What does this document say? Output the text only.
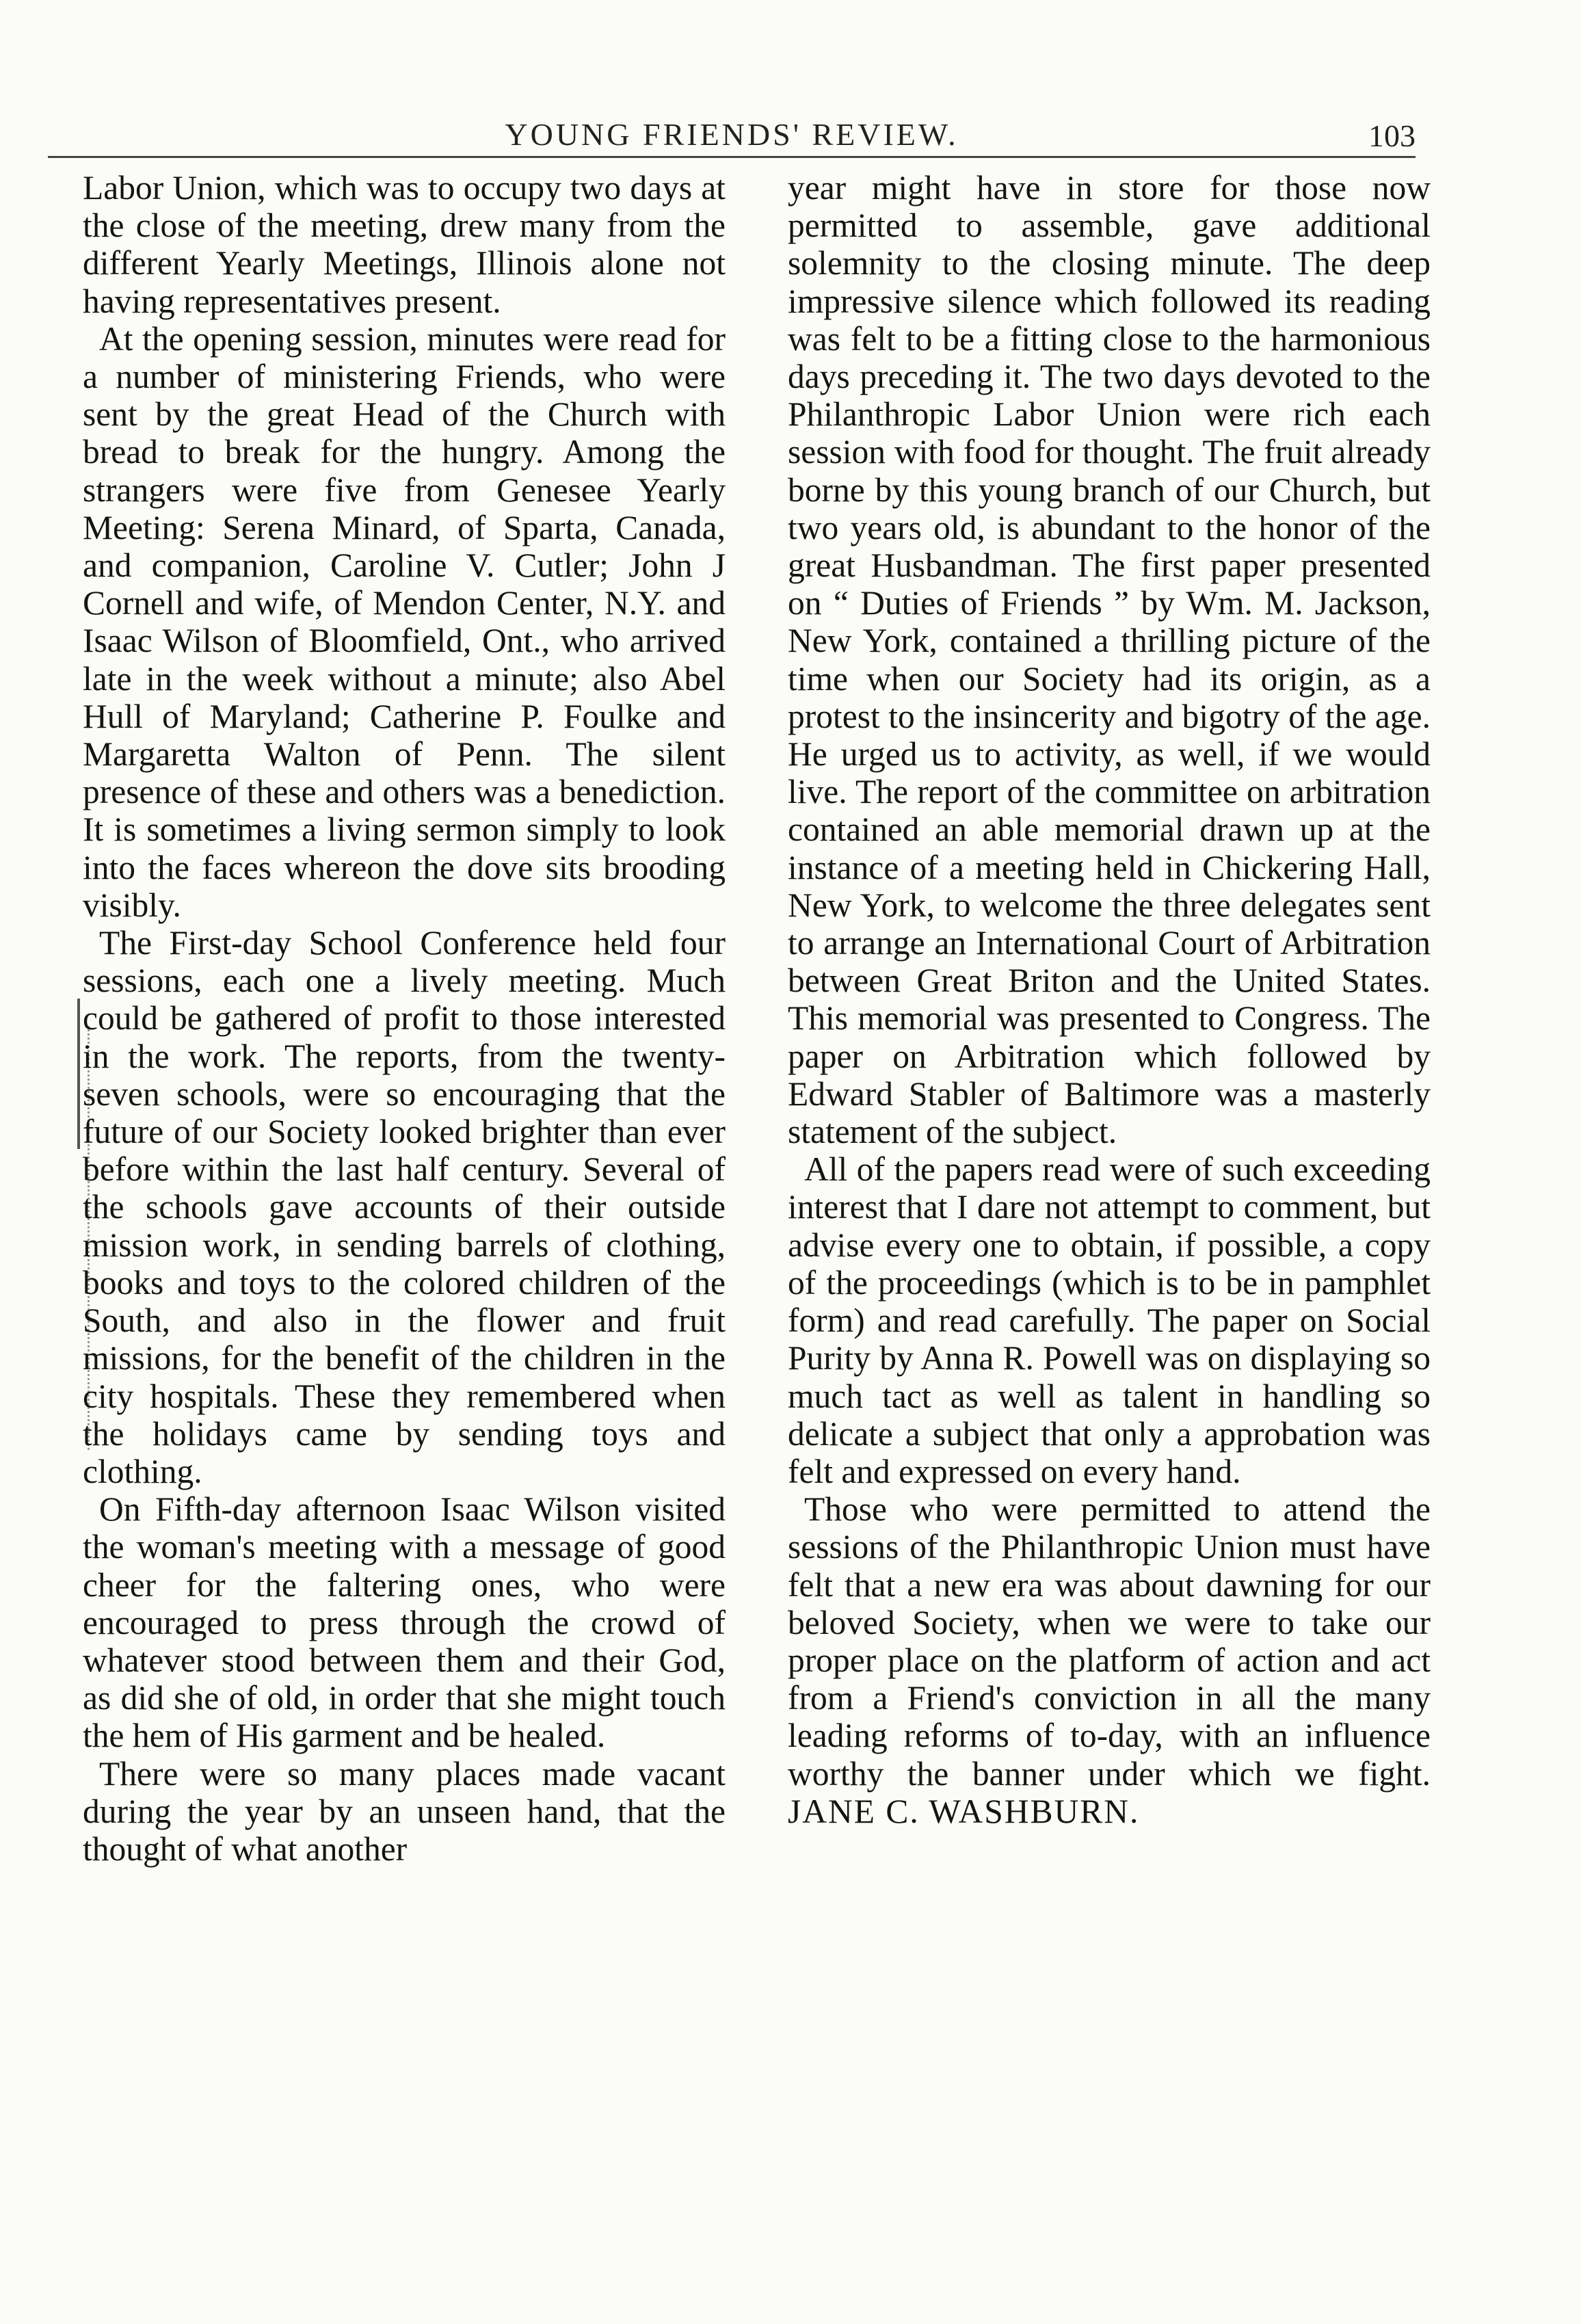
YOUNG FRIENDS' REVIEW.	103

Labor Union, which was to occupy two days at the close of the meeting, drew many from the different Yearly Meetings, Illinois alone not having representatives present.

At the opening session, minutes were read for a number of ministering Friends, who were sent by the great Head of the Church with bread to break for the hungry. Among the strangers were five from Genesee Yearly Meeting: Serena Minard, of Sparta, Canada, and companion, Caroline V. Cutler; John J Cornell and wife, of Mendon Center, N.Y. and Isaac Wilson of Bloomfield, Ont., who arrived late in the week without a minute; also Abel Hull of Maryland; Catherine P. Foulke and Margaretta Walton of Penn. The silent presence of these and others was a benediction. It is sometimes a living sermon simply to look into the faces whereon the dove sits brooding visibly.

The First-day School Conference held four sessions, each one a lively meeting. Much could be gathered of profit to those interested in the work. The reports, from the twenty-seven schools, were so encouraging that the future of our Society looked brighter than ever before within the last half century. Several of the schools gave accounts of their outside mission work, in sending barrels of clothing, books and toys to the colored children of the South, and also in the flower and fruit missions, for the benefit of the children in the city hospitals. These they remembered when the holidays came by sending toys and clothing.

On Fifth-day afternoon Isaac Wilson visited the woman's meeting with a message of good cheer for the faltering ones, who were encouraged to press through the crowd of whatever stood between them and their God, as did she of old, in order that she might touch the hem of His garment and be healed.

There were so many places made vacant during the year by an unseen hand, that the thought of what another

year might have in store for those now permitted to assemble, gave additional solemnity to the closing minute. The deep impressive silence which followed its reading was felt to be a fitting close to the harmonious days preceding it. The two days devoted to the Philanthropic Labor Union were rich each session with food for thought. The fruit already borne by this young branch of our Church, but two years old, is abundant to the honor of the great Husbandman. The first paper presented on “ Duties of Friends ” by Wm. M. Jackson, New York, contained a thrilling picture of the time when our Society had its origin, as a protest to the insincerity and bigotry of the age. He urged us to activity, as well, if we would live. The report of the committee on arbitration contained an able memorial drawn up at the instance of a meeting held in Chickering Hall, New York, to welcome the three delegates sent to arrange an International Court of Arbitration between Great Briton and the United States. This memorial was presented to Congress. The paper on Arbitration which followed by Edward Stabler of Baltimore was a masterly statement of the subject.

All of the papers read were of such exceeding interest that I dare not attempt to comment, but advise every one to obtain, if possible, a copy of the proceedings (which is to be in pamphlet form) and read carefully. The paper on Social Purity by Anna R. Powell was on displaying so much tact as well as talent in handling so delicate a subject that only a approbation was felt and expressed on every hand.

Those who were permitted to attend the sessions of the Philanthropic Union must have felt that a new era was about dawning for our beloved Society, when we were to take our proper place on the platform of action and act from a Friend's conviction in all the many leading reforms of to-day, with an influence worthy the banner under which we fight. JANE C. WASHBURN.
